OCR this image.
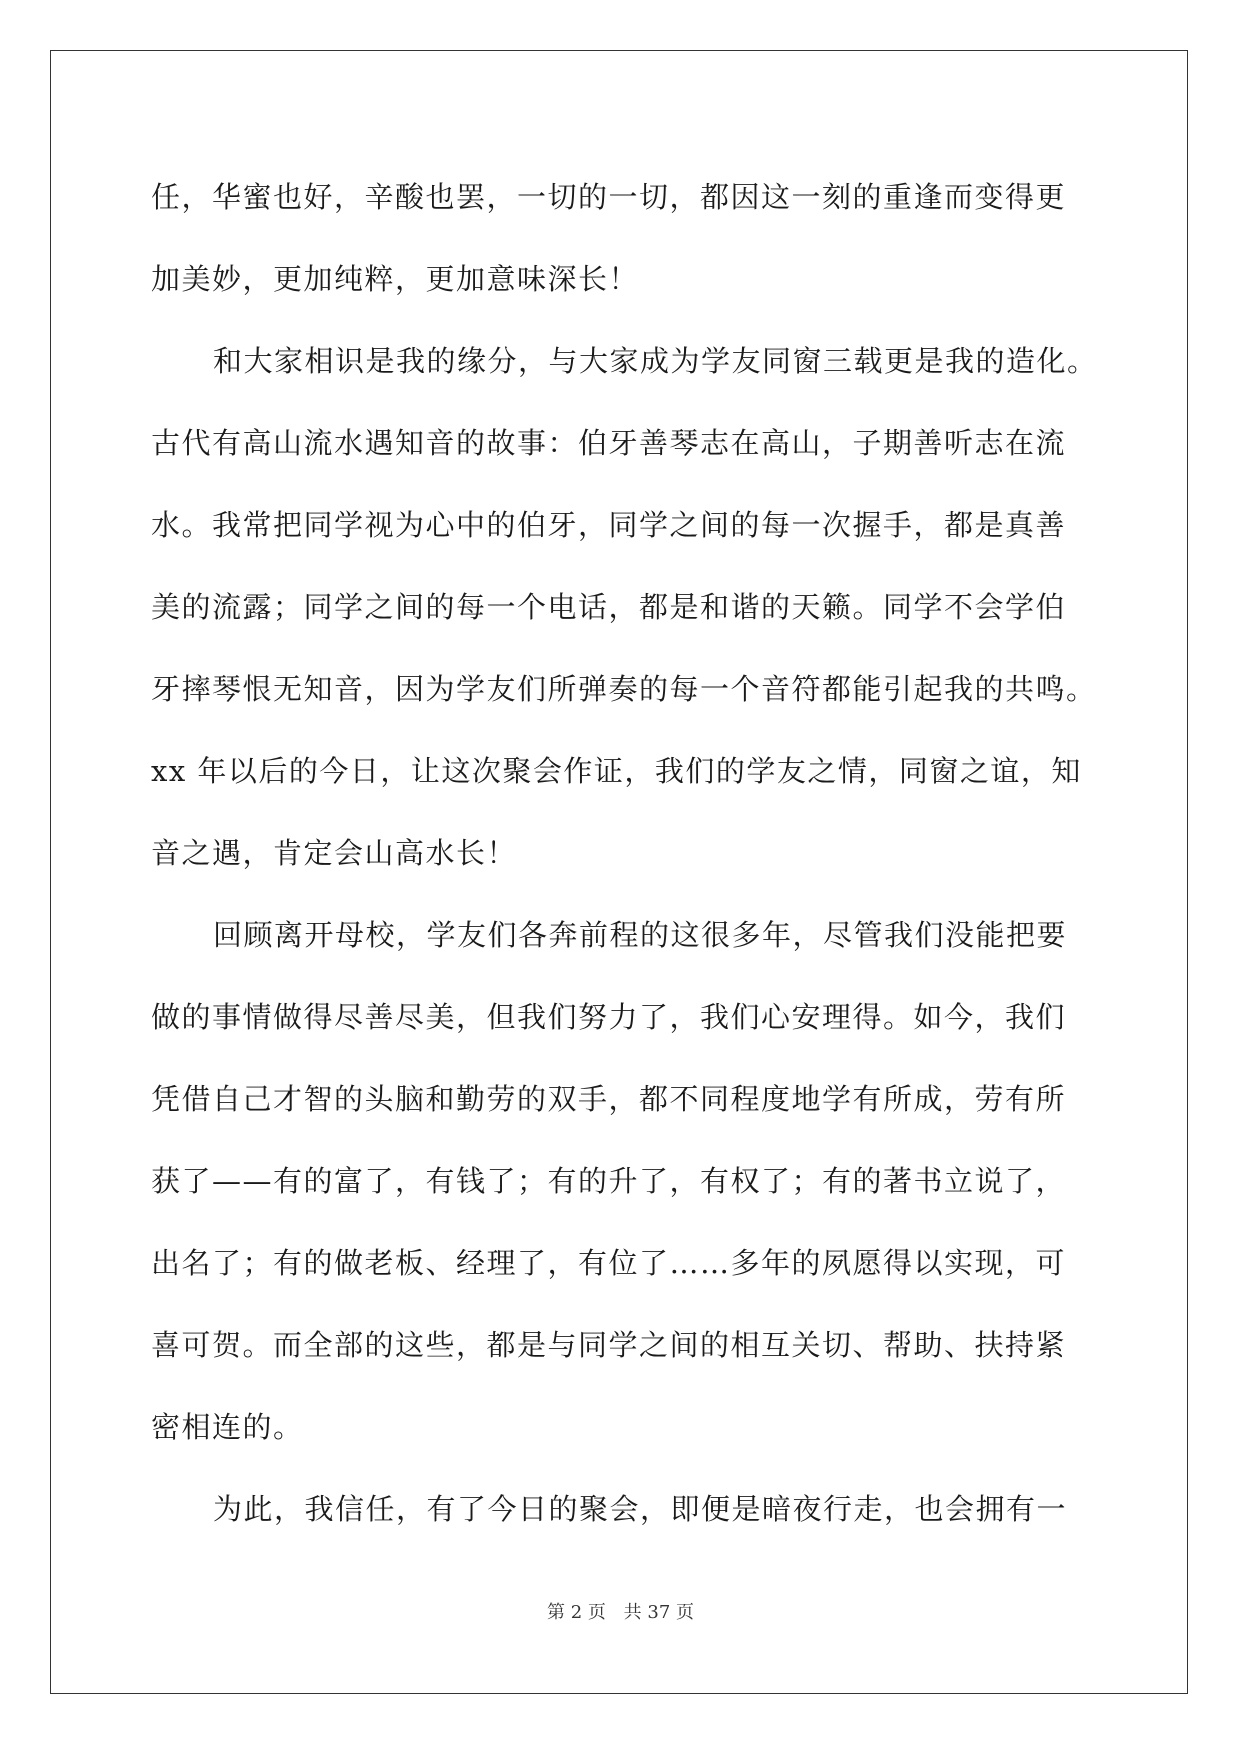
任，华蜜也好，辛酸也罢，一切的一切，都因这一刻的重逢而变得更
加美妙，更加纯粹，更加意味深长！
和大家相识是我的缘分，与大家成为学友同窗三载更是我的造化。
古代有高山流水遇知音的故事：伯牙善琴志在高山，子期善听志在流
水。我常把同学视为心中的伯牙，同学之间的每一次握手，都是真善
美的流露；同学之间的每一个电话，都是和谐的天籁。同学不会学伯
牙摔琴恨无知音，因为学友们所弹奏的每一个音符都能引起我的共鸣。
xx 年以后的今日，让这次聚会作证，我们的学友之情，同窗之谊，知
音之遇，肯定会山高水长！
回顾离开母校，学友们各奔前程的这很多年，尽管我们没能把要
做的事情做得尽善尽美，但我们努力了，我们心安理得。如今，我们
凭借自己才智的头脑和勤劳的双手，都不同程度地学有所成，劳有所
获了——有的富了，有钱了；有的升了，有权了；有的著书立说了，
出名了；有的做老板、经理了，有位了……多年的夙愿得以实现，可
喜可贺。而全部的这些，都是与同学之间的相互关切、帮助、扶持紧
密相连的。
为此，我信任，有了今日的聚会，即便是暗夜行走，也会拥有一
第 2 页 共 37 页
